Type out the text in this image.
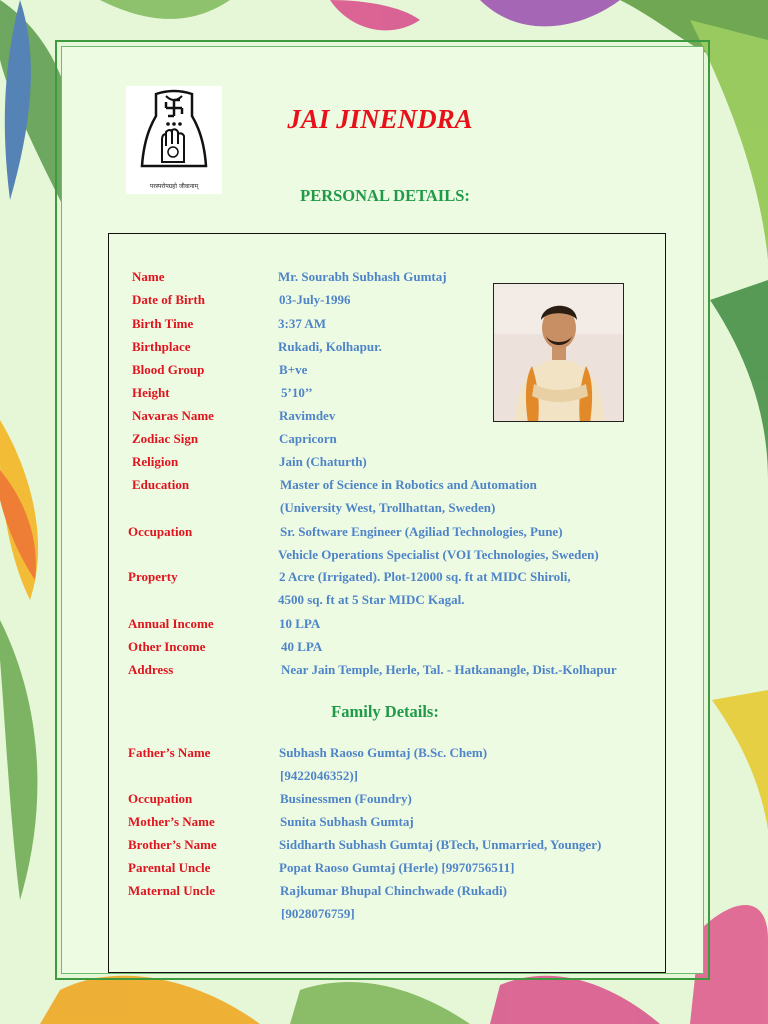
परस्परोपग्रहो जीवानाम्
JAI JINENDRA
PERSONAL DETAILS:
Name	Mr. Sourabh Subhash Gumtaj
Date of Birth	03-July-1996
Birth Time	3:37 AM
Birthplace	Rukadi, Kolhapur.
Blood Group	B+ve
Height	5’10’’
Navaras Name	Ravimdev
Zodiac Sign	Capricorn
Religion	Jain (Chaturth)
Education	Master of Science in Robotics and Automation
(University West, Trollhattan, Sweden)
Occupation	Sr. Software Engineer (Agiliad Technologies, Pune)
Vehicle Operations Specialist (VOI Technologies, Sweden)
Property	2 Acre (Irrigated). Plot-12000 sq. ft at MIDC Shiroli,
4500 sq. ft at 5 Star MIDC Kagal.
Annual Income	10 LPA
Other Income	40 LPA
Address	Near Jain Temple, Herle, Tal. - Hatkanangle, Dist.-Kolhapur
Family Details:
Father’s Name	Subhash Raoso Gumtaj (B.Sc. Chem)
[9422046352)]
Occupation	Businessmen (Foundry)
Mother’s Name	Sunita Subhash Gumtaj
Brother’s Name	Siddharth Subhash Gumtaj (BTech, Unmarried, Younger)
Parental Uncle	Popat Raoso Gumtaj (Herle) [9970756511]
Maternal Uncle	Rajkumar Bhupal Chinchwade (Rukadi)
[9028076759]
